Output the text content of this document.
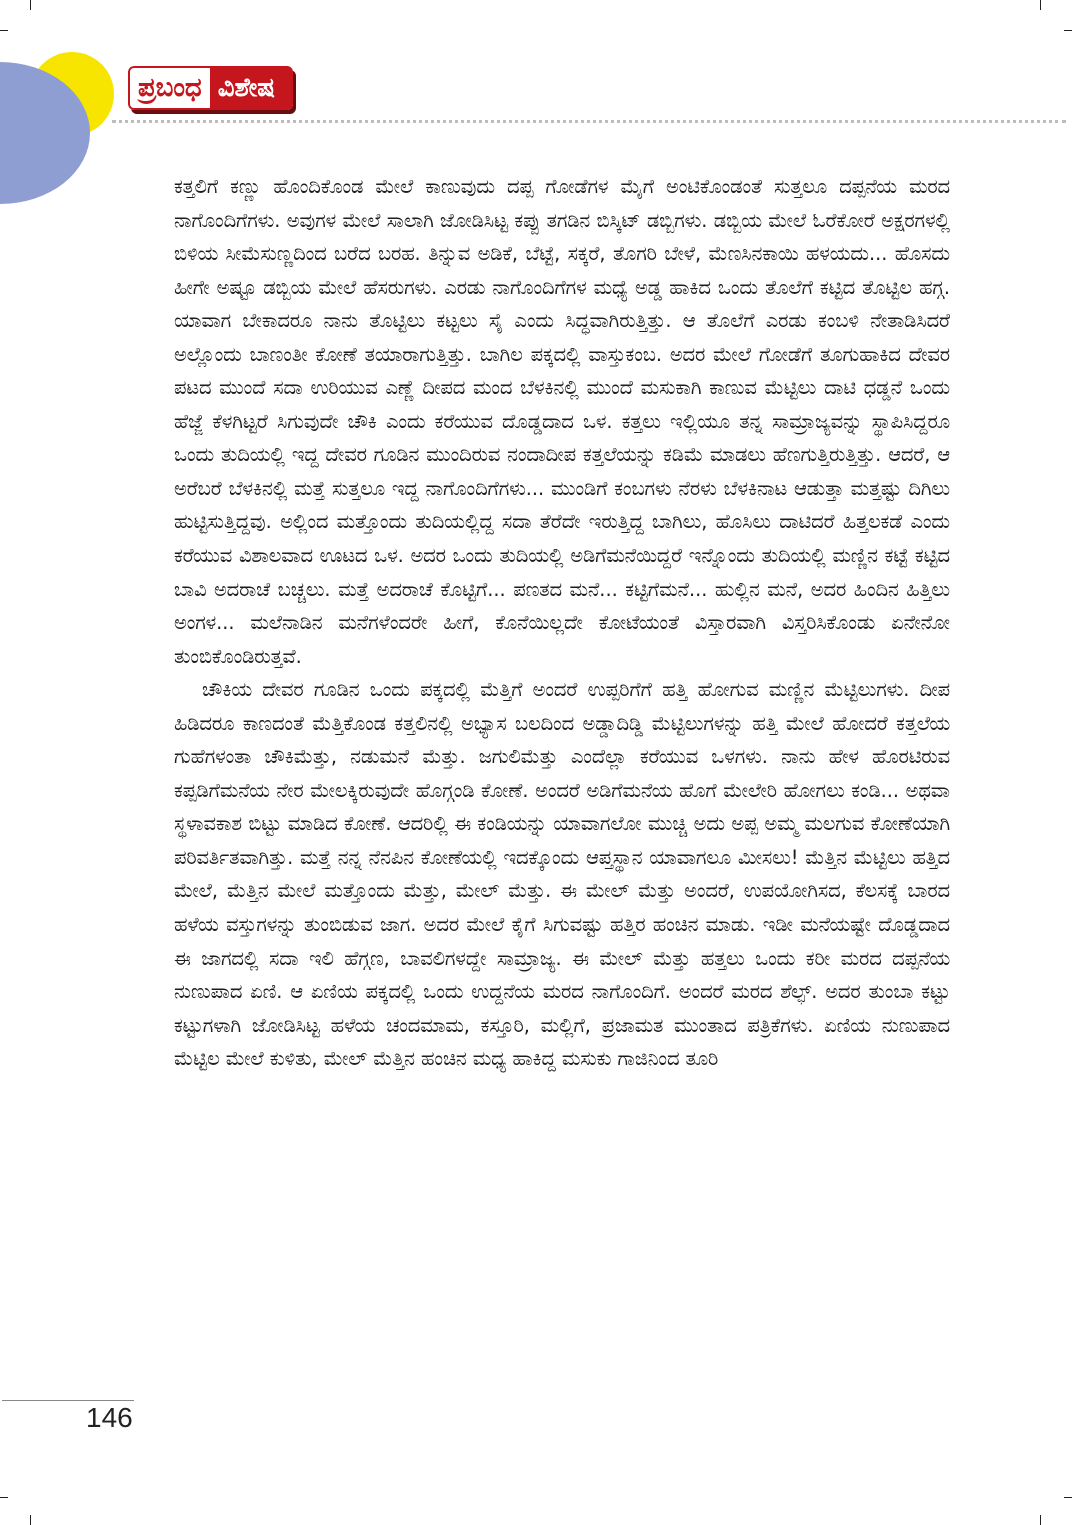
ಪ್ರಬಂಧ ವಿಶೇಷ

ಕತ್ತಲಿಗೆ ಕಣ್ಣು ಹೊಂದಿಕೊಂಡ ಮೇಲೆ ಕಾಣುವುದು ದಪ್ಪ ಗೋಡೆಗಳ ಮೈಗೆ ಅಂಟಿಕೊಂಡಂತೆ ಸುತ್ತಲೂ ದಪ್ಪನೆಯ ಮರದ ನಾಗೊಂದಿಗೆಗಳು. ಅವುಗಳ ಮೇಲೆ ಸಾಲಾಗಿ ಜೋಡಿಸಿಟ್ಟ ಕಪ್ಪು ತಗಡಿನ ಬಿಸ್ಕಿಟ್ ಡಬ್ಬಿಗಳು. ಡಬ್ಬಿಯ ಮೇಲೆ ಓರೆಕೋರೆ ಅಕ್ಷರಗಳಲ್ಲಿ ಬಿಳಿಯ ಸೀಮೆಸುಣ್ಣದಿಂದ ಬರೆದ ಬರಹ. ತಿನ್ನುವ ಅಡಿಕೆ, ಬೆಟ್ಟೆ, ಸಕ್ಕರೆ, ತೊಗರಿ ಬೇಳೆ, ಮೆಣಸಿನಕಾಯಿ ಹಳಯದು... ಹೊಸದು ಹೀಗೇ ಅಷ್ಟೂ ಡಬ್ಬಿಯ ಮೇಲೆ ಹೆಸರುಗಳು. ಎರಡು ನಾಗೊಂದಿಗೆಗಳ ಮಧ್ಯೆ ಅಡ್ಡ ಹಾಕಿದ ಒಂದು ತೊಲೆಗೆ ಕಟ್ಟಿದ ತೊಟ್ಟಿಲ ಹಗ್ಗ. ಯಾವಾಗ ಬೇಕಾದರೂ ನಾನು ತೊಟ್ಟಿಲು ಕಟ್ಟಲು ಸೈ ಎಂದು ಸಿದ್ಧವಾಗಿರುತ್ತಿತ್ತು. ಆ ತೊಲೆಗೆ ಎರಡು ಕಂಬಳಿ ನೇತಾಡಿಸಿದರೆ ಅಲ್ಲೊಂದು ಬಾಣಂತೀ ಕೋಣೆ ತಯಾರಾಗುತ್ತಿತ್ತು. ಬಾಗಿಲ ಪಕ್ಕದಲ್ಲಿ ವಾಸ್ತುಕಂಬ. ಅದರ ಮೇಲೆ ಗೋಡೆಗೆ ತೂಗುಹಾಕಿದ ದೇವರ ಪಟದ ಮುಂದೆ ಸದಾ ಉರಿಯುವ ಎಣ್ಣೆ ದೀಪದ ಮಂದ ಬೆಳಕಿನಲ್ಲಿ ಮುಂದೆ ಮಸುಕಾಗಿ ಕಾಣುವ ಮೆಟ್ಟಿಲು ದಾಟಿ ಧಡ್ಡನೆ ಒಂದು ಹೆಜ್ಜೆ ಕೆಳಗಿಟ್ಟರೆ ಸಿಗುವುದೇ ಚೌಕಿ ಎಂದು ಕರೆಯುವ ದೊಡ್ಡದಾದ ಒಳ. ಕತ್ತಲು ಇಲ್ಲಿಯೂ ತನ್ನ ಸಾಮ್ರಾಜ್ಯವನ್ನು ಸ್ಥಾಪಿಸಿದ್ದರೂ ಒಂದು ತುದಿಯಲ್ಲಿ ಇದ್ದ ದೇವರ ಗೂಡಿನ ಮುಂದಿರುವ ನಂದಾದೀಪ ಕತ್ತಲೆಯನ್ನು ಕಡಿಮೆ ಮಾಡಲು ಹೆಣಗುತ್ತಿರುತ್ತಿತ್ತು. ಆದರೆ, ಆ ಅರೆಬರೆ ಬೆಳಕಿನಲ್ಲಿ ಮತ್ತೆ ಸುತ್ತಲೂ ಇದ್ದ ನಾಗೊಂದಿಗೆಗಳು... ಮುಂಡಿಗೆ ಕಂಬಗಳು ನೆರಳು ಬೆಳಕಿನಾಟ ಆಡುತ್ತಾ ಮತ್ತಷ್ಟು ದಿಗಿಲು ಹುಟ್ಟಿಸುತ್ತಿದ್ದವು. ಅಲ್ಲಿಂದ ಮತ್ತೊಂದು ತುದಿಯಲ್ಲಿದ್ದ ಸದಾ ತೆರೆದೇ ಇರುತ್ತಿದ್ದ ಬಾಗಿಲು, ಹೊಸಿಲು ದಾಟಿದರೆ ಹಿತ್ತಲಕಡೆ ಎಂದು ಕರೆಯುವ ವಿಶಾಲವಾದ ಊಟದ ಒಳ. ಅದರ ಒಂದು ತುದಿಯಲ್ಲಿ ಅಡಿಗೆಮನೆಯಿದ್ದರೆ ಇನ್ನೊಂದು ತುದಿಯಲ್ಲಿ ಮಣ್ಣಿನ ಕಟ್ಟೆ ಕಟ್ಟಿದ ಬಾವಿ ಅದರಾಚೆ ಬಚ್ಚಲು. ಮತ್ತೆ ಅದರಾಚೆ ಕೊಟ್ಟಿಗೆ... ಪಣತದ ಮನೆ... ಕಟ್ಟಿಗೆಮನೆ... ಹುಲ್ಲಿನ ಮನೆ, ಅದರ ಹಿಂದಿನ ಹಿತ್ತಿಲು ಅಂಗಳ... ಮಲೆನಾಡಿನ ಮನೆಗಳೆಂದರೇ ಹೀಗೆ, ಕೊನೆಯಿಲ್ಲದೇ ಕೋಟೆಯಂತೆ ವಿಸ್ತಾರವಾಗಿ ವಿಸ್ತರಿಸಿಕೊಂಡು ಏನೇನೋ ತುಂಬಿಕೊಂಡಿರುತ್ತವೆ.

ಚೌಕಿಯ ದೇವರ ಗೂಡಿನ ಒಂದು ಪಕ್ಕದಲ್ಲಿ ಮೆತ್ತಿಗೆ ಅಂದರೆ ಉಪ್ಪರಿಗೆಗೆ ಹತ್ತಿ ಹೋಗುವ ಮಣ್ಣಿನ ಮೆಟ್ಟಿಲುಗಳು. ದೀಪ ಹಿಡಿದರೂ ಕಾಣದಂತೆ ಮೆತ್ತಿಕೊಂಡ ಕತ್ತಲಿನಲ್ಲಿ ಅಭ್ಯಾಸ ಬಲದಿಂದ ಅಡ್ಡಾದಿಡ್ಡಿ ಮೆಟ್ಟಿಲುಗಳನ್ನು ಹತ್ತಿ ಮೇಲೆ ಹೋದರೆ ಕತ್ತಲೆಯ ಗುಹೆಗಳಂತಾ ಚೌಕಿಮೆತ್ತು, ನಡುಮನೆ ಮೆತ್ತು. ಜಗುಲಿಮೆತ್ತು ಎಂದೆಲ್ಲಾ ಕರೆಯುವ ಒಳಗಳು. ನಾನು ಹೇಳ ಹೊರಟಿರುವ ಕಪ್ಪಡಿಗೆಮನೆಯ ನೇರ ಮೇಲಕ್ಕಿರುವುದೇ ಹೊಗ್ಗಂಡಿ ಕೋಣೆ. ಅಂದರೆ ಅಡಿಗೆಮನೆಯ ಹೊಗೆ ಮೇಲೇರಿ ಹೋಗಲು ಕಂಡಿ... ಅಥವಾ ಸ್ಥಳಾವಕಾಶ ಬಿಟ್ಟು ಮಾಡಿದ ಕೋಣೆ. ಆದರಿಲ್ಲಿ ಈ ಕಂಡಿಯನ್ನು ಯಾವಾಗಲೋ ಮುಚ್ಚಿ ಅದು ಅಪ್ಪ ಅಮ್ಮ ಮಲಗುವ ಕೋಣೆಯಾಗಿ ಪರಿವರ್ತಿತವಾಗಿತ್ತು. ಮತ್ತೆ ನನ್ನ ನೆನಪಿನ ಕೋಣೆಯಲ್ಲಿ ಇದಕ್ಕೊಂದು ಆಪ್ತಸ್ಥಾನ ಯಾವಾಗಲೂ ಮೀಸಲು! ಮೆತ್ತಿನ ಮೆಟ್ಟಿಲು ಹತ್ತಿದ ಮೇಲೆ, ಮೆತ್ತಿನ ಮೇಲೆ ಮತ್ತೊಂದು ಮೆತ್ತು, ಮೇಲ್ ಮೆತ್ತು. ಈ ಮೇಲ್ ಮೆತ್ತು ಅಂದರೆ, ಉಪಯೋಗಿಸದ, ಕೆಲಸಕ್ಕೆ ಬಾರದ ಹಳೆಯ ವಸ್ತುಗಳನ್ನು ತುಂಬಿಡುವ ಜಾಗ. ಅದರ ಮೇಲೆ ಕೈಗೆ ಸಿಗುವಷ್ಟು ಹತ್ತಿರ ಹಂಚಿನ ಮಾಡು. ಇಡೀ ಮನೆಯಷ್ಟೇ ದೊಡ್ಡದಾದ ಈ ಜಾಗದಲ್ಲಿ ಸದಾ ಇಲಿ ಹೆಗ್ಗಣ, ಬಾವಲಿಗಳದ್ದೇ ಸಾಮ್ರಾಜ್ಯ. ಈ ಮೇಲ್ ಮೆತ್ತು ಹತ್ತಲು ಒಂದು ಕರೀ ಮರದ ದಪ್ಪನೆಯ ನುಣುಪಾದ ಏಣಿ. ಆ ಏಣಿಯ ಪಕ್ಕದಲ್ಲಿ ಒಂದು ಉದ್ದನೆಯ ಮರದ ನಾಗೊಂದಿಗೆ. ಅಂದರೆ ಮರದ ಶೆಲ್ಫ್. ಅದರ ತುಂಬಾ ಕಟ್ಟು ಕಟ್ಟುಗಳಾಗಿ ಜೋಡಿಸಿಟ್ಟ ಹಳೆಯ ಚಂದಮಾಮ, ಕಸ್ತೂರಿ, ಮಲ್ಲಿಗೆ, ಪ್ರಜಾಮತ ಮುಂತಾದ ಪತ್ರಿಕೆಗಳು. ಏಣಿಯ ನುಣುಪಾದ ಮೆಟ್ಟಿಲ ಮೇಲೆ ಕುಳಿತು, ಮೇಲ್ ಮೆತ್ತಿನ ಹಂಚಿನ ಮಧ್ಯ ಹಾಕಿದ್ದ ಮಸುಕು ಗಾಜಿನಿಂದ ತೂರಿ

146
